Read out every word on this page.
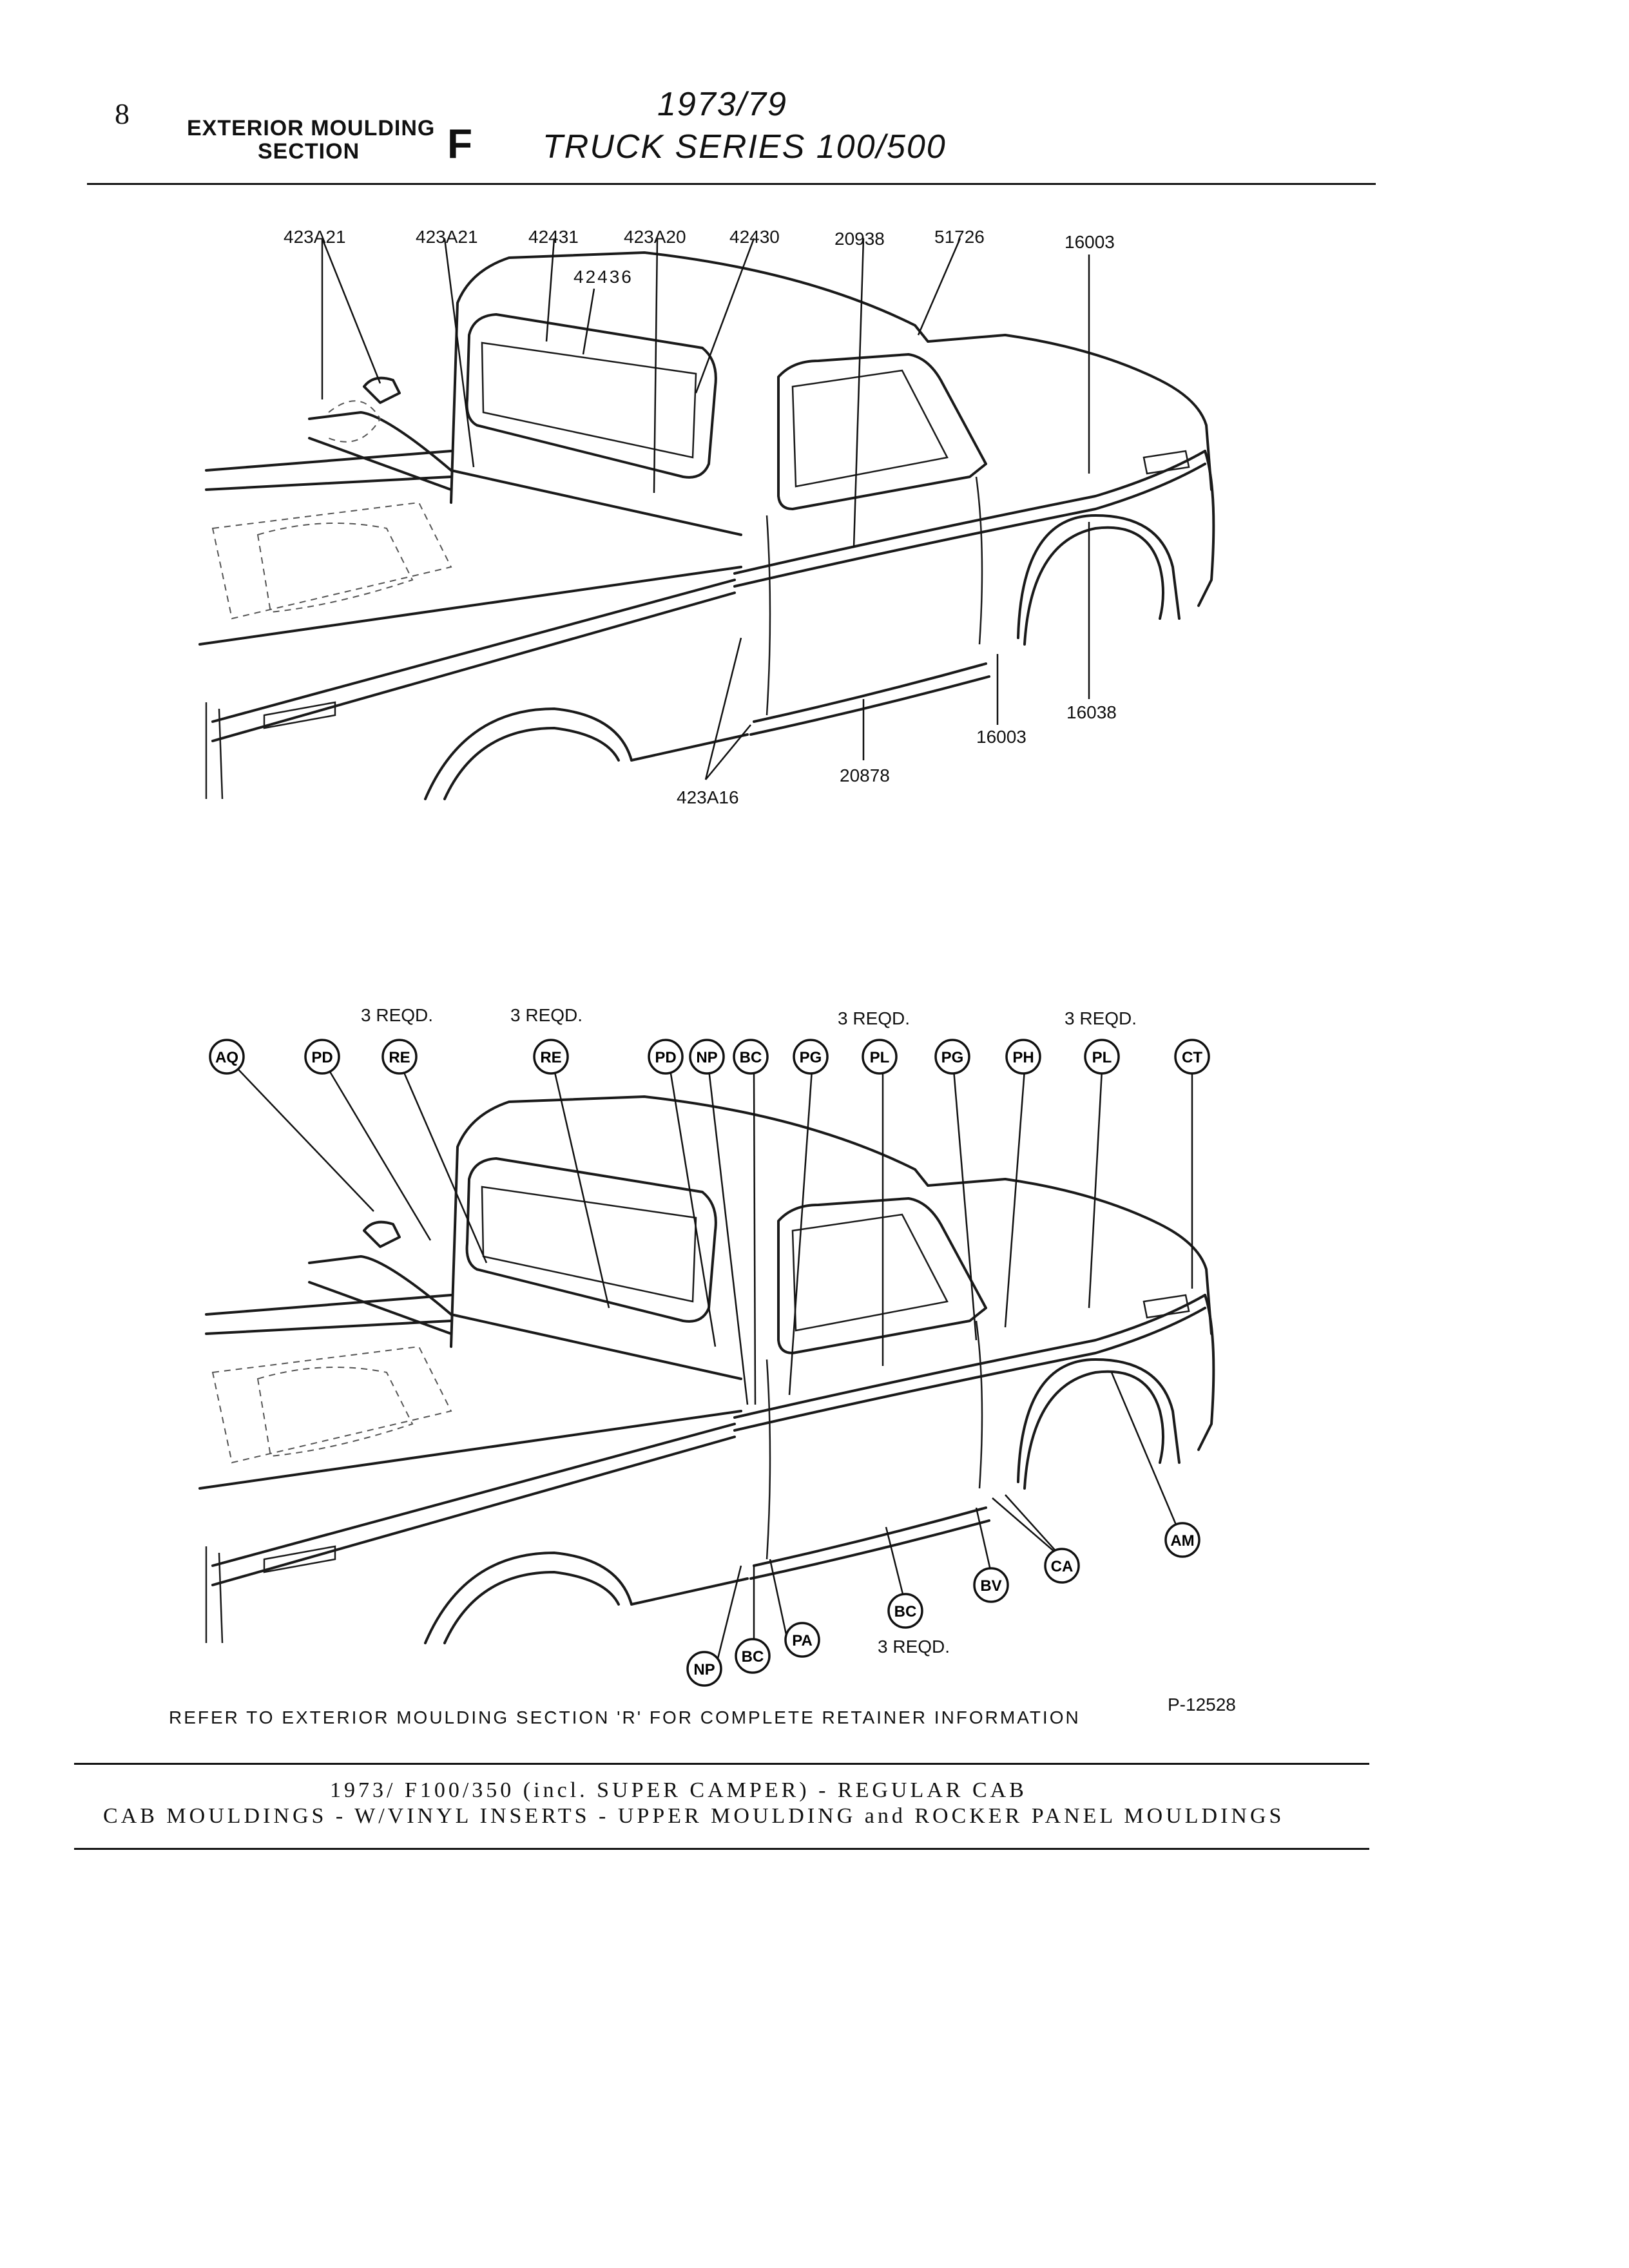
8	EXTERIOR MOULDING
SECTION F
1973/79
TRUCK SERIES 100/500
AQ	PD	RE	RE	PD NP BC PG	PL	PG	PH	PL	CT
AM
CA
BV
BC
PA
BC
NP
423A21	423A21	42431
42436
423A20 42430	20938	51726	16003
16038
16003
20878
423A16
3 REQD.	3 REQD.	3 REQD.	3 REQD.
3 REQD.
P-12528
REFER TO EXTERIOR MOULDING SECTION 'R' FOR COMPLETE RETAINER INFORMATION
1973/ F100/350 (incl. SUPER CAMPER) - REGULAR CAB
CAB MOULDINGS - W/VINYL INSERTS - UPPER MOULDING and ROCKER PANEL MOULDINGS
